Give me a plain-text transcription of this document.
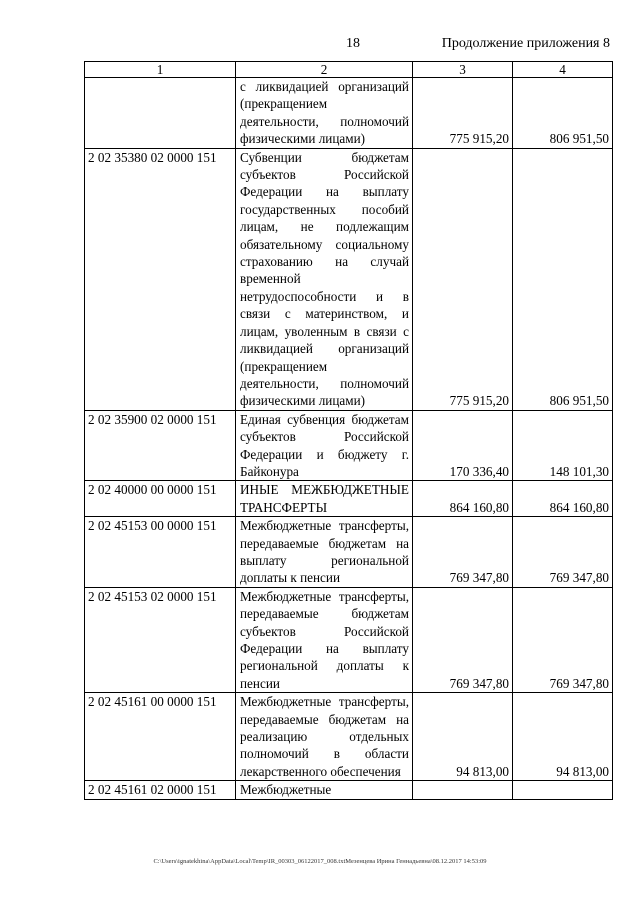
18	Продолжение приложения 8
1	2	3	4
	с ликвидацией организаций (прекращением деятельности, полномочий физическими лицами)	775 915,20	806 951,50
2 02 35380 02 0000 151	Субвенции бюджетам субъектов Российской Федерации на выплату государственных пособий лицам, не подлежащим обязательному социальному страхованию на случай временной нетрудоспособности и в связи с материнством, и лицам, уволенным в связи с ликвидацией организаций (прекращением деятельности, полномочий физическими лицами)	775 915,20	806 951,50
2 02 35900 02 0000 151	Единая субвенция бюджетам субъектов Российской Федерации и бюджету г. Байконура	170 336,40	148 101,30
2 02 40000 00 0000 151	ИНЫЕ МЕЖБЮДЖЕТНЫЕ ТРАНСФЕРТЫ	864 160,80	864 160,80
2 02 45153 00 0000 151	Межбюджетные трансферты, передаваемые бюджетам на выплату региональной доплаты к пенсии	769 347,80	769 347,80
2 02 45153 02 0000 151	Межбюджетные трансферты, передаваемые бюджетам субъектов Российской Федерации на выплату региональной доплаты к пенсии	769 347,80	769 347,80
2 02 45161 00 0000 151	Межбюджетные трансферты, передаваемые бюджетам на реализацию отдельных полномочий в области лекарственного обеспечения	94 813,00	94 813,00
2 02 45161 02 0000 151	Межбюджетные		
C:\Users\ignatekhina\AppData\Local\Temp\IR_00303_06122017_008.txtМезенцева Ирина Геннадьевна\08.12.2017 14:53:09
